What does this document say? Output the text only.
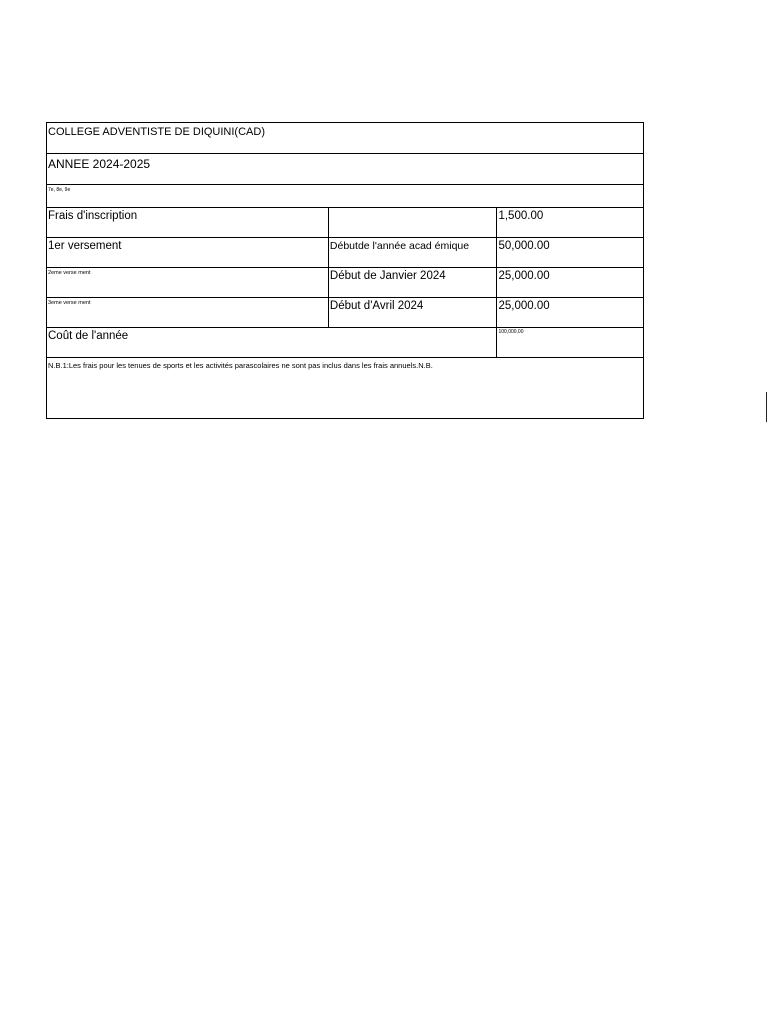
COLLEGE ADVENTISTE DE DIQUINI(CAD)		
ANNEE 2024-2025		
7e, 8e, 9e		
Frais d'inscription		1,500.00
1er versement	Débutde l'année acad émique	50,000.00
2eme verse ment	Début de Janvier 2024	25,000.00
3eme verse ment	Début d'Avril 2024	25,000.00
Coût de l'année		100,000.00
N.B.1:Les frais pour les tenues de sports et les activités parascolaires ne sont pas inclus dans les frais annuels.N.B.		
